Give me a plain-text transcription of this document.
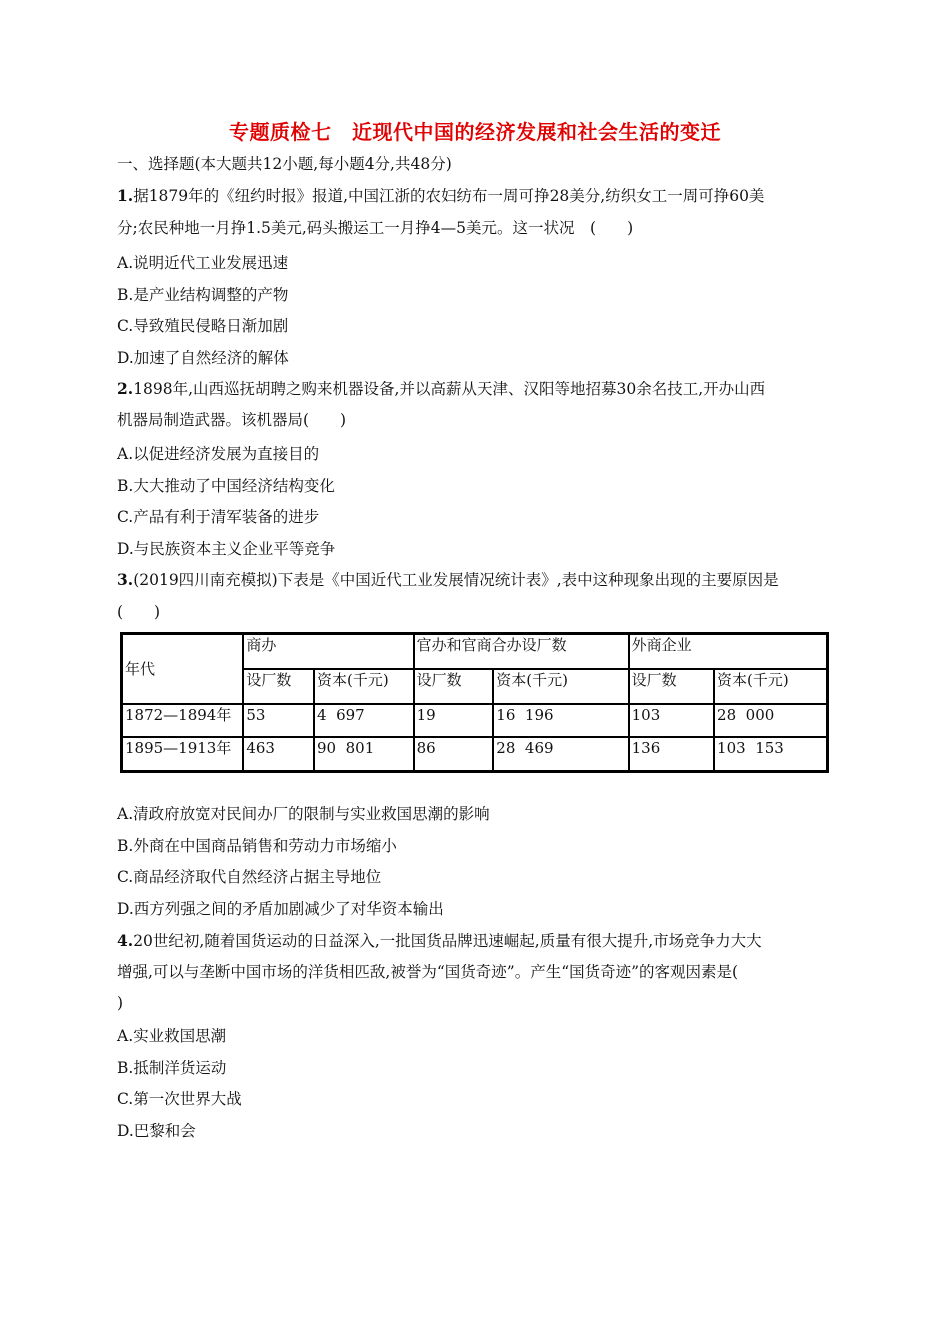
专题质检七　近现代中国的经济发展和社会生活的变迁
一、选择题(本大题共12小题,每小题4分,共48分)
1.据1879年的《纽约时报》报道,中国江浙的农妇纺布一周可挣28美分,纺织女工一周可挣60美
分;农民种地一月挣1.5美元,码头搬运工一月挣4—5美元。这一状况　(　　)
A.说明近代工业发展迅速
B.是产业结构调整的产物
C.导致殖民侵略日渐加剧
D.加速了自然经济的解体
2.1898年,山西巡抚胡聘之购来机器设备,并以高薪从天津、汉阳等地招募30余名技工,开办山西
机器局制造武器。该机器局(　　)
A.以促进经济发展为直接目的
B.大大推动了中国经济结构变化
C.产品有利于清军装备的进步
D.与民族资本主义企业平等竞争
3.(2019四川南充模拟)下表是《中国近代工业发展情况统计表》,表中这种现象出现的主要原因是
(　　)
年代	商办		官办和官商合办设厂数		外商企业	
	设厂数	资本(千元)	设厂数	资本(千元)	设厂数	资本(千元)
1872—1894年	53	4  697	19	16  196	103	28  000
1895—1913年	463	90  801	86	28  469	136	103  153
A.清政府放宽对民间办厂的限制与实业救国思潮的影响
B.外商在中国商品销售和劳动力市场缩小
C.商品经济取代自然经济占据主导地位
D.西方列强之间的矛盾加剧减少了对华资本输出
4.20世纪初,随着国货运动的日益深入,一批国货品牌迅速崛起,质量有很大提升,市场竞争力大大
增强,可以与垄断中国市场的洋货相匹敌,被誉为“国货奇迹”。产生“国货奇迹”的客观因素是(
)
A.实业救国思潮
B.抵制洋货运动
C.第一次世界大战
D.巴黎和会
